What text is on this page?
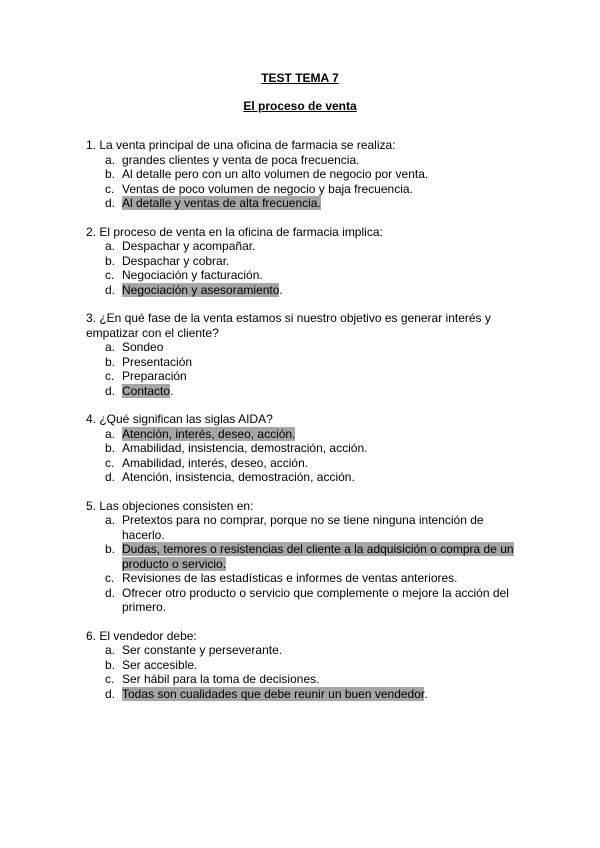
TEST TEMA 7
El proceso de venta
1. La venta principal de una oficina de farmacia se realiza:
a. grandes clientes y venta de poca frecuencia.
b. Al detalle pero con un alto volumen de negocio por venta.
c. Ventas de poco volumen de negocio y baja frecuencia.
d. Al detalle y ventas de alta frecuencia.
2. El proceso de venta en la oficina de farmacia implica:
a. Despachar y acompañar.
b. Despachar y cobrar.
c. Negociación y facturación.
d. Negociación y asesoramiento.
3. ¿En qué fase de la venta estamos si nuestro objetivo es generar interés y empatizar con el cliente?
a. Sondeo
b. Presentación
c. Preparación
d. Contacto.
4. ¿Qué significan las siglas AIDA?
a. Atención, interés, deseo, acción.
b. Amabilidad, insistencia, demostración, acción.
c. Amabilidad, interés, deseo, acción.
d. Atención, insistencia, demostración, acción.
5. Las objeciones consisten en:
a. Pretextos para no comprar, porque no se tiene ninguna intención de hacerlo.
b. Dudas, temores o resistencias del cliente a la adquisición o compra de un producto o servicio.
c. Revisiones de las estadísticas e informes de ventas anteriores.
d. Ofrecer otro producto o servicio que complemente o mejore la acción del primero.
6. El vendedor debe:
a. Ser constante y perseverante.
b. Ser accesible.
c. Ser hábil para la toma de decisiones.
d. Todas son cualidades que debe reunir un buen vendedor.
